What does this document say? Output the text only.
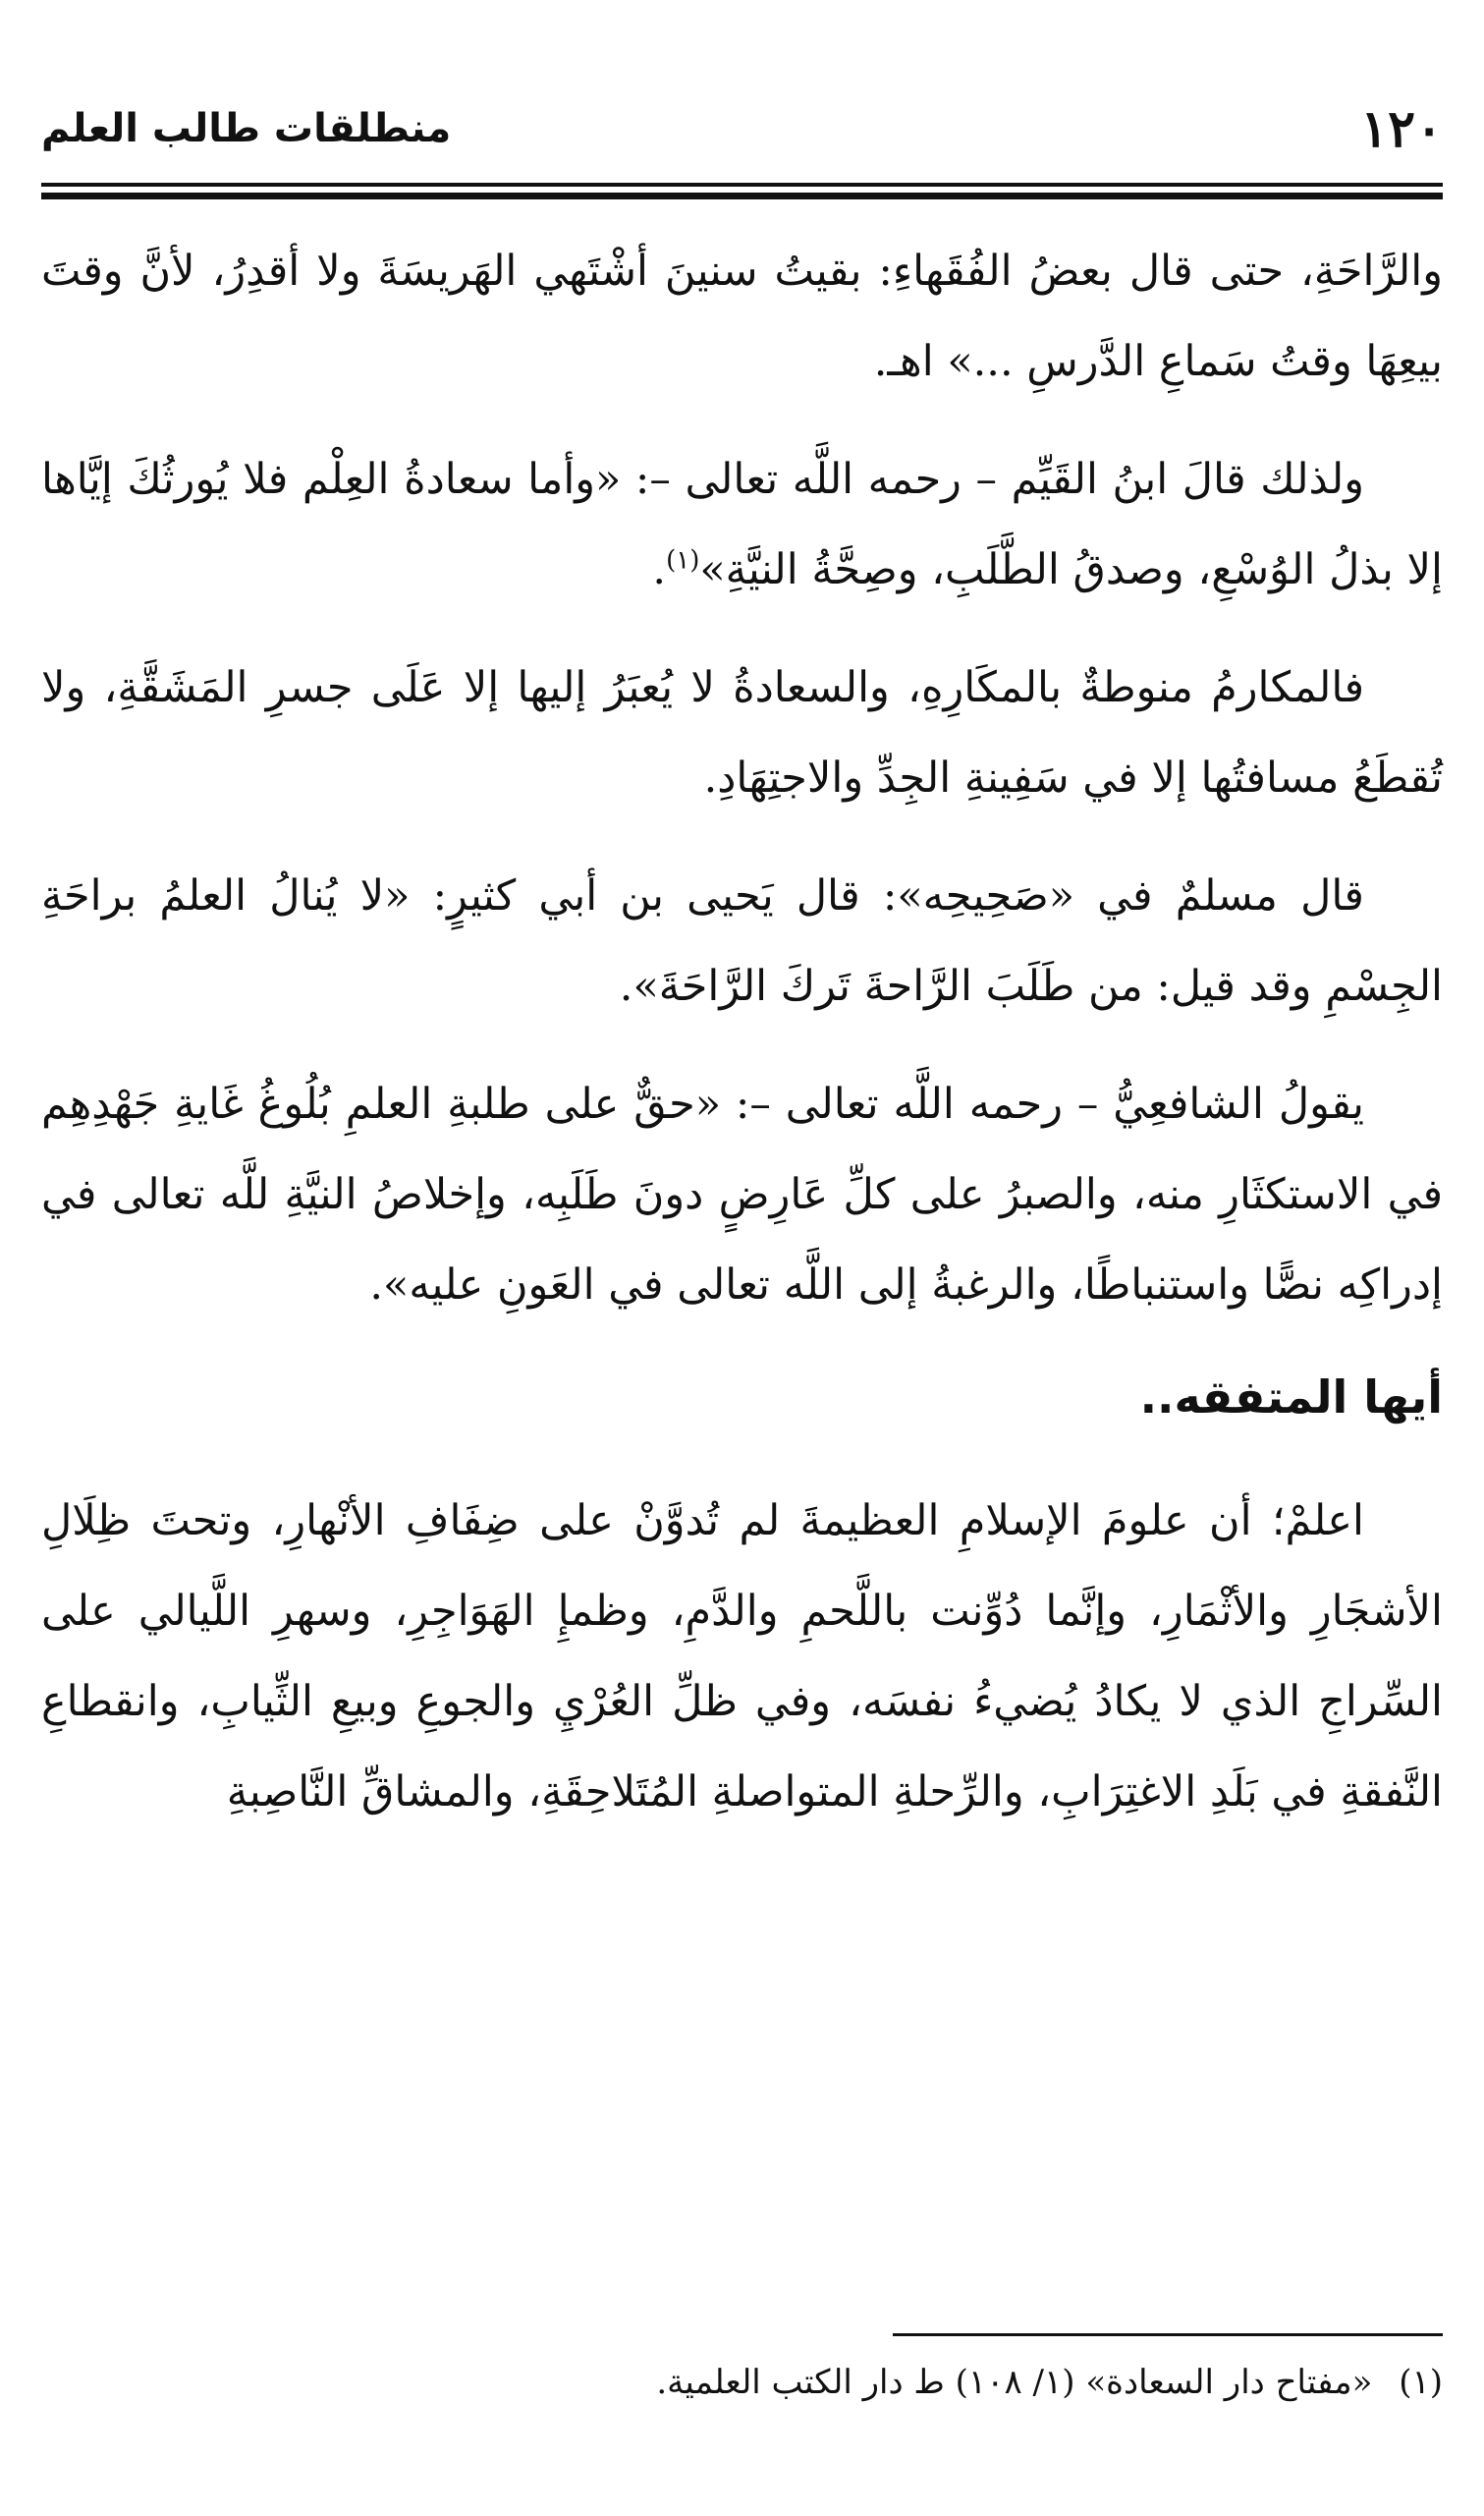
١٢٠
منطلقات طالب العلم

والرَّاحَةِ، حتى قال بعضُ الفُقَهاءِ: بقيتُ سنينَ أشْتَهي الهَريسَةَ ولا أقدِرُ، لأنَّ وقتَ بيعِهَا وقتُ سَماعِ الدَّرسِ ...» اهـ.

ولذلك قالَ ابنُ القَيِّم – رحمه اللَّه تعالى –: «وأما سعادةُ العِلْم فلا يُورثُكَ إيَّاها إلا بذلُ الوُسْعِ، وصدقُ الطَّلَبِ، وصِحَّةُ النيَّةِ»$^{(١)}$.

فالمكارمُ منوطةٌ بالمكَارِهِ، والسعادةُ لا يُعبَرُ إليها إلا عَلَى جسرِ المَشَقَّةِ، ولا تُقطَعُ مسافتُها إلا في سَفِينةِ الجِدِّ والاجتِهَادِ.

قال مسلمٌ في «صَحِيحِه»: قال يَحيى بن أبي كثيرٍ: «لا يُنالُ العلمُ براحَةِ الجِسْمِ وقد قيل: من طَلَبَ الرَّاحةَ تَركَ الرَّاحَةَ».

يقولُ الشافعِيُّ – رحمه اللَّه تعالى –: «حقٌّ على طلبةِ العلمِ بُلُوغُ غَايةِ جَهْدِهِم في الاستكثَارِ منه، والصبرُ على كلِّ عَارِضٍ دونَ طَلَبِه، وإخلاصُ النيَّةِ للَّه تعالى في إدراكِه نصًّا واستنباطًا، والرغبةُ إلى اللَّه تعالى في العَونِ عليه».

أيها المتفقه..

اعلمْ؛ أن علومَ الإسلامِ العظيمةَ لم تُدوَّنْ على ضِفَافِ الأنْهارِ، وتحتَ ظِلَالِ الأشجَارِ والأثْمَارِ، وإنَّما دُوِّنت باللَّحمِ والدَّمِ، وظمإِ الهَوَاجِرِ، وسهرِ اللَّيالي على السِّراجِ الذي لا يكادُ يُضيءُ نفسَه، وفي ظلِّ العُرْيِ والجوعِ وبيعِ الثِّيابِ، وانقطاعِ النَّفقةِ في بَلَدِ الاغتِرَابِ، والرِّحلةِ المتواصلةِ المُتَلاحِقَةِ، والمشاقِّ النَّاصِبةِ

(١) «مفتاح دار السعادة» (١/ ١٠٨) ط دار الكتب العلمية.
